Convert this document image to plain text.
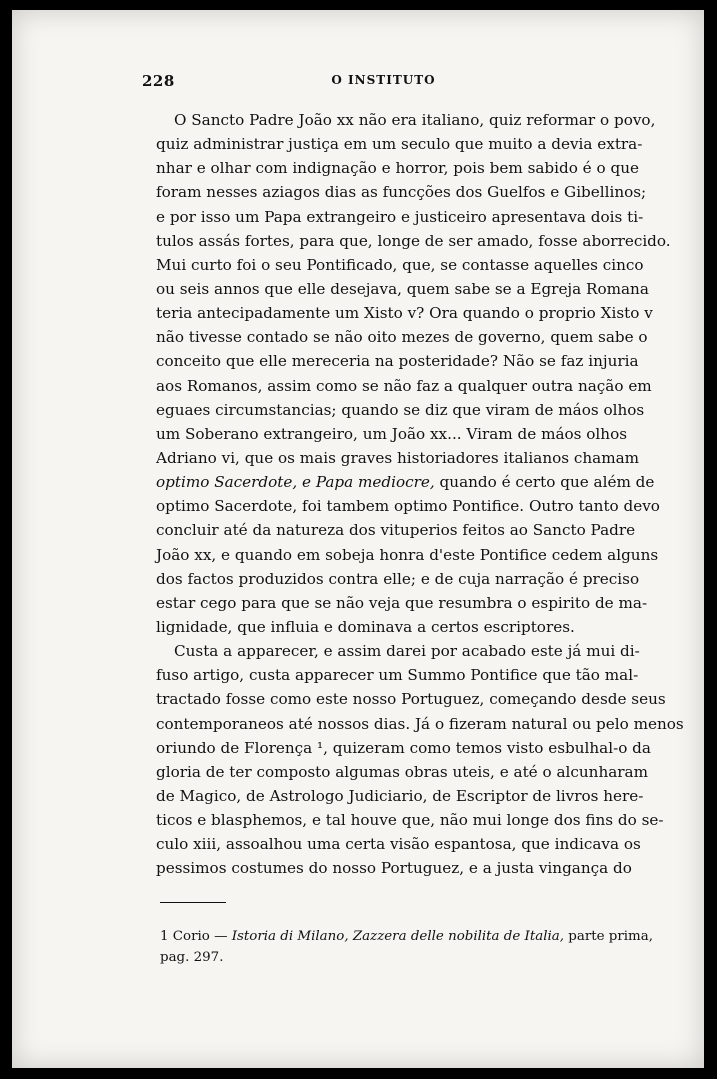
228	O INSTITUTO
O Sancto Padre João xx não era italiano, quiz reformar o povo,
quiz administrar justiça em um seculo que muito a devia extra-
nhar e olhar com indignação e horror, pois bem sabido é o que
foram nesses aziagos dias as funcções dos Guelfos e Gibellinos;
e por isso um Papa extrangeiro e justiceiro apresentava dois ti-
tulos assás fortes, para que, longe de ser amado, fosse aborrecido.
Mui curto foi o seu Pontificado, que, se contasse aquelles cinco
ou seis annos que elle desejava, quem sabe se a Egreja Romana
teria antecipadamente um Xisto v? Ora quando o proprio Xisto v
não tivesse contado se não oito mezes de governo, quem sabe o
conceito que elle mereceria na posteridade? Não se faz injuria
aos Romanos, assim como se não faz a qualquer outra nação em
eguaes circumstancias; quando se diz que viram de máos olhos
um Soberano extrangeiro, um João xx... Viram de máos olhos
Adriano vi, que os mais graves historiadores italianos chamam
optimo Sacerdote, e Papa mediocre, quando é certo que além de
optimo Sacerdote, foi tambem optimo Pontifice. Outro tanto devo
concluir até da natureza dos vituperios feitos ao Sancto Padre
João xx, e quando em sobeja honra d'este Pontifice cedem alguns
dos factos produzidos contra elle; e de cuja narração é preciso
estar cego para que se não veja que resumbra o espirito de ma-
lignidade, que influia e dominava a certos escriptores.
Custa a apparecer, e assim darei por acabado este já mui di-
fuso artigo, custa apparecer um Summo Pontifice que tão mal-
tractado fosse como este nosso Portuguez, começando desde seus
contemporaneos até nossos dias. Já o fizeram natural ou pelo menos
oriundo de Florença ¹, quizeram como temos visto esbulhal-o da
gloria de ter composto algumas obras uteis, e até o alcunharam
de Magico, de Astrologo Judiciario, de Escriptor de livros here-
ticos e blasphemos, e tal houve que, não mui longe dos fins do se-
culo xiii, assoalhou uma certa visão espantosa, que indicava os
pessimos costumes do nosso Portuguez, e a justa vingança do
1 Corio — Istoria di Milano, Zazzera delle nobilita de Italia, parte prima,
pag. 297.
